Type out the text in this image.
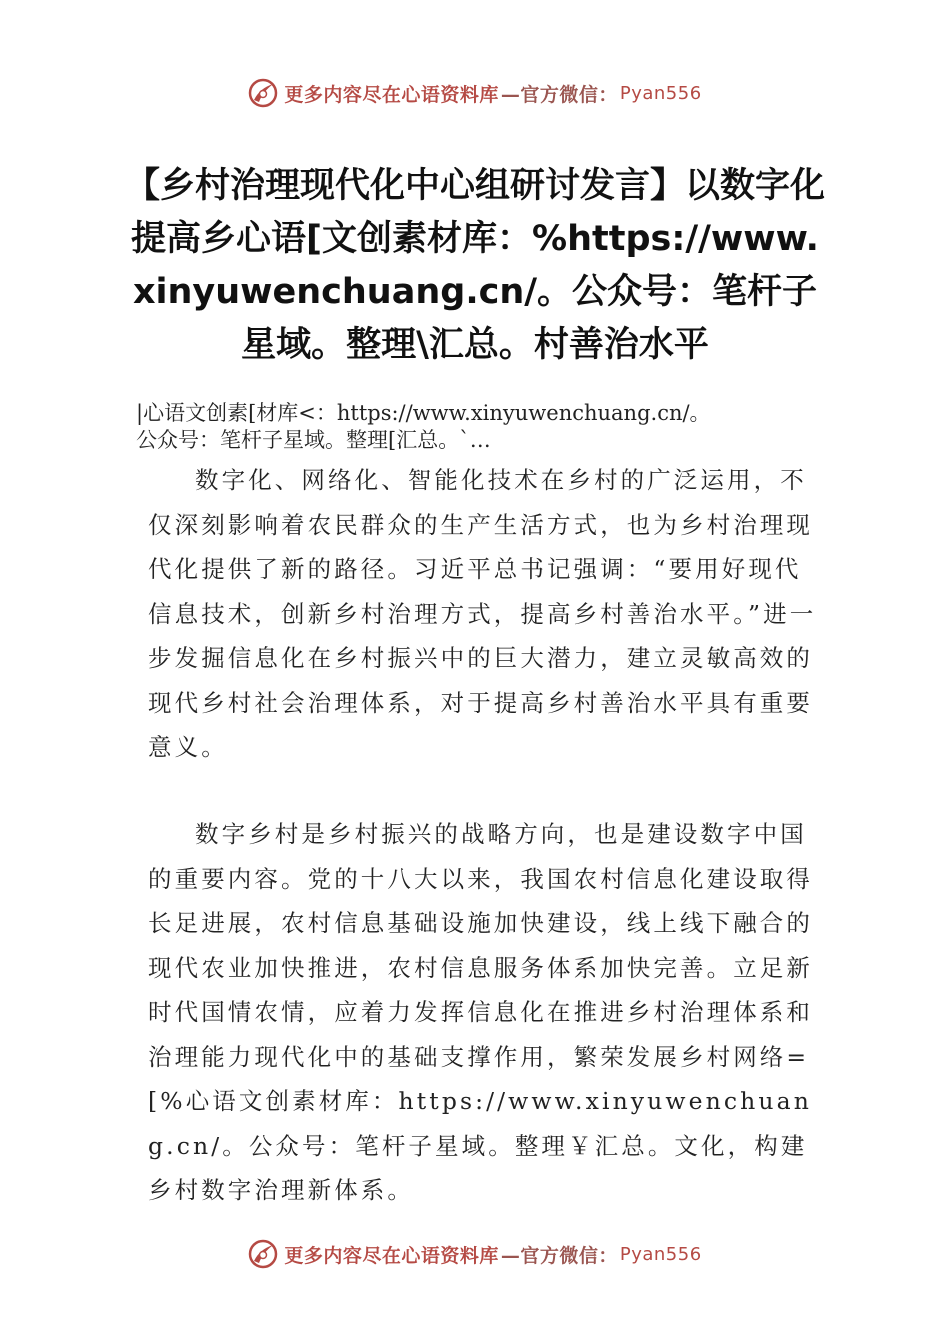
更多内容尽在心语资料库 —官方微信： Pyan556
【乡村治理现代化中心组研讨发言】以数字化提高乡心语[文创素材库：%https://www.xinyuwenchuang.cn/。公众号：笔杆子星域。整理\汇总。村善治水平
|心语文创素[材库<：https://www.xinyuwenchuang.cn/。
公众号：笔杆子星域。整理[汇总。`…

数字化、网络化、智能化技术在乡村的广泛运用，不仅深刻影响着农民群众的生产生活方式，也为乡村治理现代化提供了新的路径。习近平总书记强调：“要用好现代信息技术，创新乡村治理方式，提高乡村善治水平。”进一步发掘信息化在乡村振兴中的巨大潜力，建立灵敏高效的现代乡村社会治理体系，对于提高乡村善治水平具有重要意义。

数字乡村是乡村振兴的战略方向，也是建设数字中国的重要内容。党的十八大以来，我国农村信息化建设取得长足进展，农村信息基础设施加快建设，线上线下融合的现代农业加快推进，农村信息服务体系加快完善。立足新时代国情农情，应着力发挥信息化在推进乡村治理体系和治理能力现代化中的基础支撑作用，繁荣发展乡村网络=[%心语文创素材库：https://www.xinyuwenchuang.cn/。公众号：笔杆子星域。整理￥汇总。文化，构建乡村数字治理新体系。

更多内容尽在心语资料库 —官方微信： Pyan556
